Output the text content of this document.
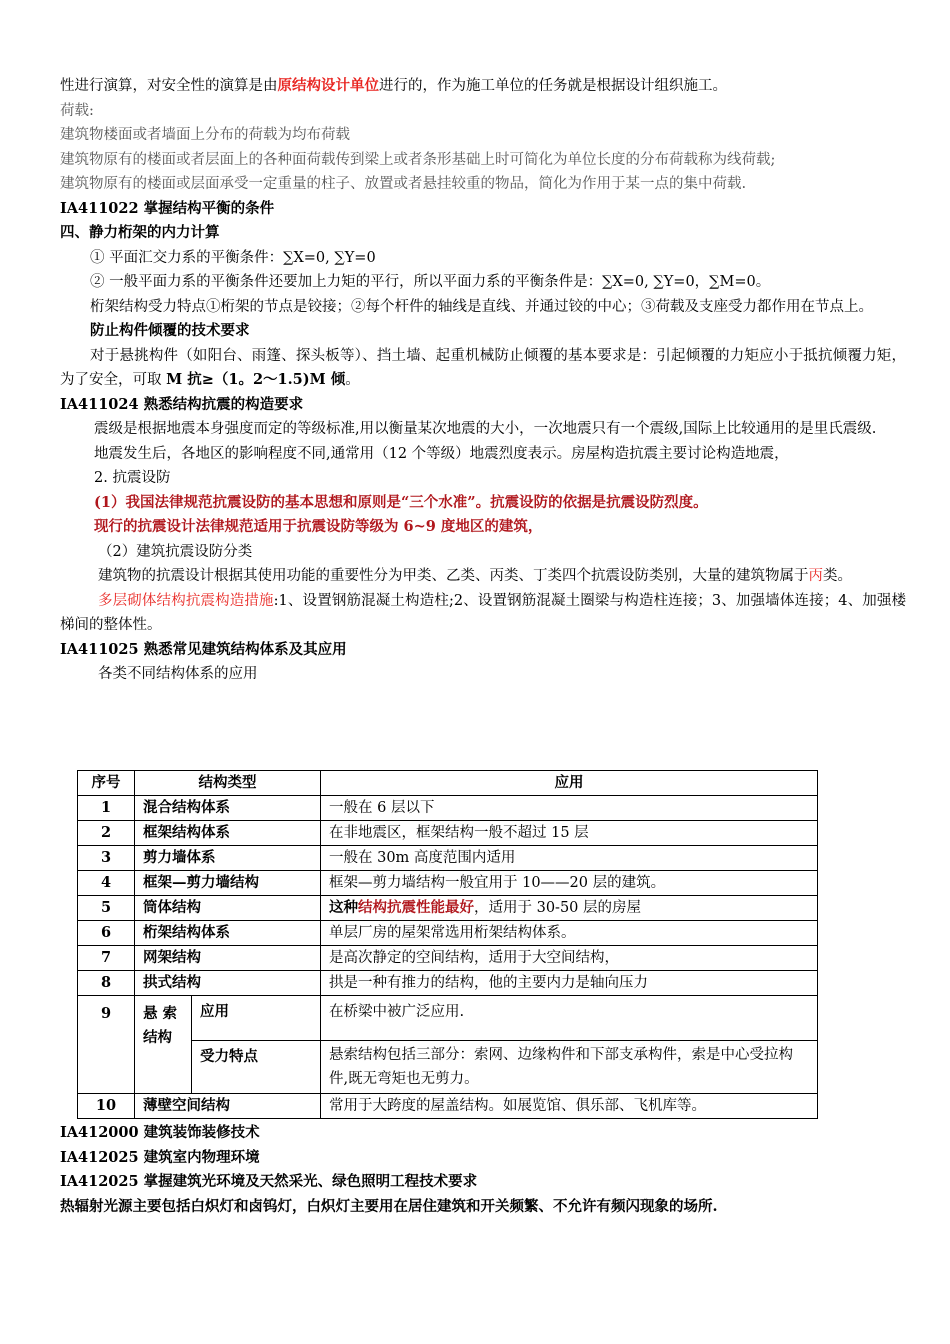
性进行演算，对安全性的演算是由原结构设计单位进行的，作为施工单位的任务就是根据设计组织施工。
荷载:
建筑物楼面或者墙面上分布的荷载为均布荷载
建筑物原有的楼面或者层面上的各种面荷载传到梁上或者条形基础上时可简化为单位长度的分布荷载称为线荷载;
建筑物原有的楼面或层面承受一定重量的柱子、放置或者悬挂较重的物品，简化为作用于某一点的集中荷载.
IA411022 掌握结构平衡的条件
四、静力桁架的内力计算
① 平面汇交力系的平衡条件：∑X=0, ∑Y=0
② 一般平面力系的平衡条件还要加上力矩的平行，所以平面力系的平衡条件是：∑X=0, ∑Y=0，∑M=0。
桁架结构受力特点①桁架的节点是铰接；②每个杆件的轴线是直线、并通过铰的中心；③荷载及支座受力都作用在节点上。
防止构件倾覆的技术要求
对于悬挑构件（如阳台、雨篷、探头板等）、挡土墙、起重机械防止倾覆的基本要求是：引起倾覆的力矩应小于抵抗倾覆力矩，为了安全，可取 M 抗≥（1。2～1.5)M 倾。
IA411024 熟悉结构抗震的构造要求
震级是根据地震本身强度而定的等级标准,用以衡量某次地震的大小，一次地震只有一个震级,国际上比较通用的是里氏震级.
地震发生后，各地区的影响程度不同,通常用（12 个等级）地震烈度表示。房屋构造抗震主要讨论构造地震，
2. 抗震设防
(1）我国法律规范抗震设防的基本思想和原则是“三个水准”。抗震设防的依据是抗震设防烈度。
现行的抗震设计法律规范适用于抗震设防等级为 6~9 度地区的建筑，
（2）建筑抗震设防分类
建筑物的抗震设计根据其使用功能的重要性分为甲类、乙类、丙类、丁类四个抗震设防类别，大量的建筑物属于丙类。
多层砌体结构抗震构造措施:1、设置钢筋混凝土构造柱;2、设置钢筋混凝土圈梁与构造柱连接；3、加强墙体连接；4、加强楼梯间的整体性。
IA411025 熟悉常见建筑结构体系及其应用
各类不同结构体系的应用
序号	结构类型		应用
1	混合结构体系		一般在 6 层以下
2	框架结构体系		在非地震区，框架结构一般不超过 15 层
3	剪力墙体系		一般在 30m 高度范围内适用
4	框架—剪力墙结构		框架—剪力墙结构一般宜用于 10——20 层的建筑。
5	筒体结构		这种结构抗震性能最好，适用于 30-50 层的房屋
6	桁架结构体系		单层厂房的屋架常选用桁架结构体系。
7	网架结构		是高次静定的空间结构，适用于大空间结构，
8	拱式结构		拱是一种有推力的结构，他的主要内力是轴向压力
9	悬 索 结构	应用	在桥梁中被广泛应用.
		受力特点	悬索结构包括三部分：索网、边缘构件和下部支承构件，索是中心受拉构件,既无弯矩也无剪力。
10	薄壁空间结构		常用于大跨度的屋盖结构。如展览馆、俱乐部、飞机库等。
IA412000 建筑装饰装修技术
IA412025 建筑室内物理环境
IA412025 掌握建筑光环境及天然采光、绿色照明工程技术要求
热辐射光源主要包括白炽灯和卤钨灯，白炽灯主要用在居住建筑和开关频繁、不允许有频闪现象的场所.
